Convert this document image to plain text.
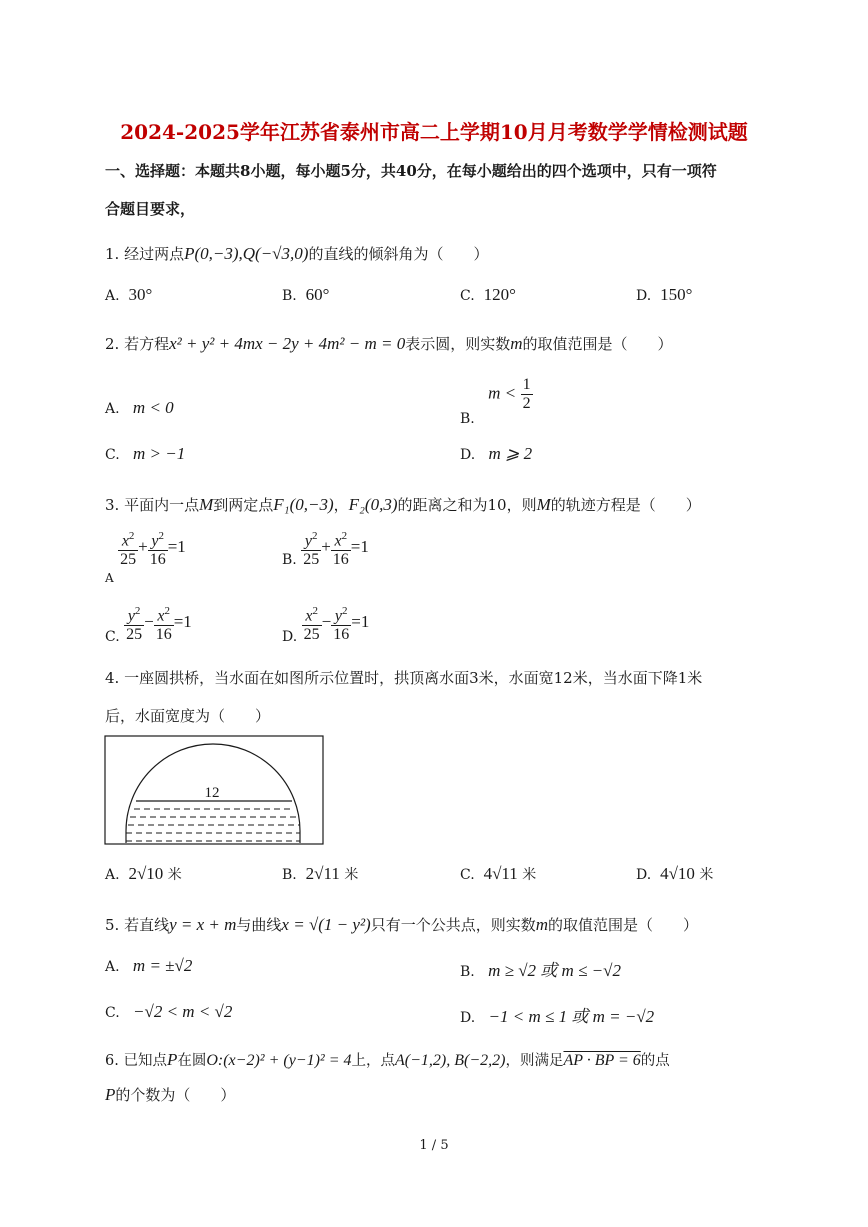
2024-2025学年江苏省泰州市高二上学期10月月考数学学情检测试题
一、选择题：本题共8小题，每小题5分，共40分，在每小题给出的四个选项中，只有一项符
合题目要求，
1. 经过两点P(0,−3),Q(−√3,0)的直线的倾斜角为（　　）
A. 30°	B. 60°	C. 120°	D. 150°
2. 若方程x² + y² + 4mx − 2y + 4m² − m = 0表示圆，则实数m的取值范围是（　　）
A. m < 0
B.   $m < \frac{1}{2}$
C. m > −1	D. m ⩾ 2
3. 平面内一点M到两定点F₁(0,−3)，F₂(0,3)的距离之和为10，则M的轨迹方程是（　　）
A
$\frac{x^2}{25} + \frac{y^2}{16} =1$
B. $\frac{y^2}{25} + \frac{x^2}{16} =1$
C. $\frac{y^2}{25} - \frac{x^2}{16} =1$
D. $\frac{x^2}{25} - \frac{y^2}{16} =1$
4. 一座圆拱桥，当水面在如图所示位置时，拱顶离水面3米，水面宽12米，当水面下降1米
后，水面宽度为（　　）
12
A. 2√10 米	B. 2√11 米	C. 4√11 米	D. 4√10 米
5. 若直线y = x + m与曲线x = √(1 − y²)只有一个公共点，则实数m的取值范围是（　　）
A. m = ±√2	B. m ≥ √2 或 m ≤ −√2
C. −√2 < m < √2	D. −1 < m ≤ 1 或 m = −√2
6. 已知点P在圆O:(x−2)² + (y−1)² = 4上，点A(−1,2), B(−2,2)，则满足AP · BP = 6的点
P的个数为（　　）
1 / 5
